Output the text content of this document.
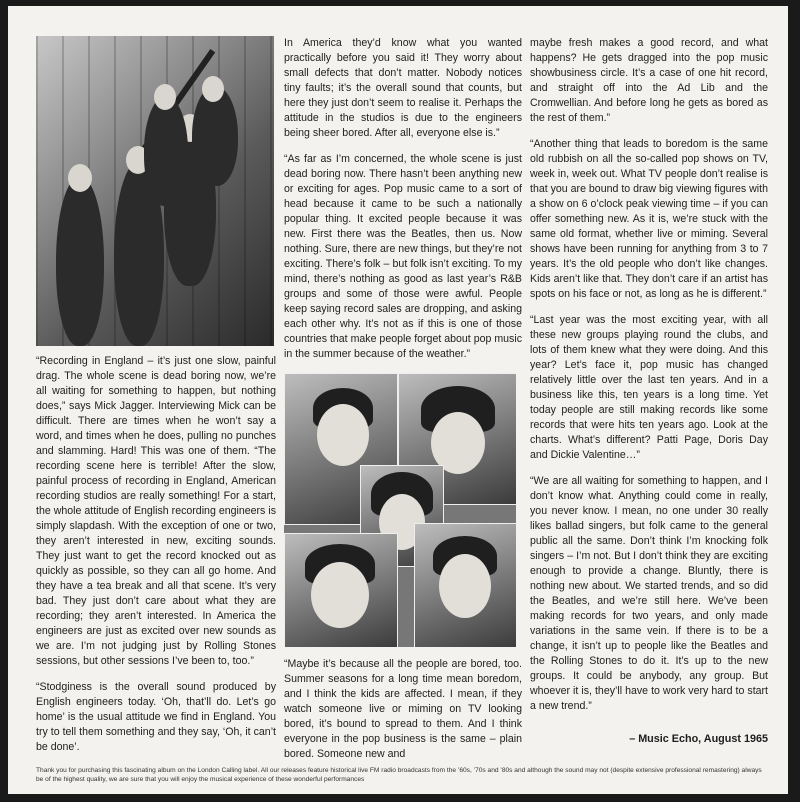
“Recording in England – it’s just one slow, painful drag. The whole scene is dead boring now, we’re all waiting for something to happen, but nothing does,” says Mick Jagger. Interviewing Mick can be difficult. There are times when he won’t say a word, and times when he does, pulling no punches and slamming. Hard! This was one of them. “The recording scene here is terrible! After the slow, painful process of recording in England, American recording studios are really something! For a start, the whole attitude of English recording engineers is simply slapdash. With the exception of one or two, they aren’t interested in new, exciting sounds. They just want to get the record knocked out as quickly as possible, so they can all go home. And they have a tea break and all that scene. It’s very bad. They just don’t care about what they are recording; they aren’t interested. In America the engineers are just as excited over new sounds as we are. I’m not judging just by Rolling Stones sessions, but other sessions I’ve been to, too.”

“Stodginess is the overall sound produced by English engineers today. ‘Oh, that’ll do. Let’s go home’ is the usual attitude we find in England. You try to tell them something and they say, ‘Oh, it can’t be done’.

In America they’d know what you wanted practically before you said it! They worry about small defects that don’t matter. Nobody notices tiny faults; it’s the overall sound that counts, but here they just don’t seem to realise it. Perhaps the attitude in the studios is due to the engineers being sheer bored. After all, everyone else is.”

“As far as I’m concerned, the whole scene is just dead boring now. There hasn’t been anything new or exciting for ages. Pop music came to a sort of head because it came to be such a nationally popular thing. It excited people because it was new. First there was the Beatles, then us. Now nothing. Sure, there are new things, but they’re not exciting. There’s folk – but folk isn’t exciting. To my mind, there’s nothing as good as last year’s R&B groups and some of those were awful. People keep saying record sales are dropping, and asking each other why. It’s not as if this is one of those countries that make people forget about pop music in the summer because of the weather.”

“Maybe it’s because all the people are bored, too. Summer seasons for a long time mean boredom, and I think the kids are affected. I mean, if they watch someone live or miming on TV looking bored, it’s bound to spread to them. And I think everyone in the pop business is the same – plain bored. Someone new and

maybe fresh makes a good record, and what happens? He gets dragged into the pop music showbusiness circle. It’s a case of one hit record, and straight off into the Ad Lib and the Cromwellian. And before long he gets as bored as the rest of them.”

“Another thing that leads to boredom is the same old rubbish on all the so-called pop shows on TV, week in, week out. What TV people don’t realise is that you are bound to draw big viewing figures with a show on 6 o’clock peak viewing time – if you can offer something new. As it is, we’re stuck with the same old format, whether live or miming. Several shows have been running for anything from 3 to 7 years. It’s the old people who don’t like changes. Kids aren’t like that. They don’t care if an artist has spots on his face or not, as long as he is different.”

“Last year was the most exciting year, with all these new groups playing round the clubs, and lots of them knew what they were doing. And this year? Let’s face it, pop music has changed relatively little over the last ten years. And in a business like this, ten years is a long time. Yet today people are still making records like some records that were hits ten years ago. Look at the charts. What’s different? Patti Page, Doris Day and Dickie Valentine…”

“We are all waiting for something to happen, and I don’t know what. Anything could come in really, you never know. I mean, no one under 30 really likes ballad singers, but folk came to the general public all the same. Don’t think I’m knocking folk singers – I’m not. But I don’t think they are exciting enough to provide a change. Bluntly, there is nothing new about. We started trends, and so did the Beatles, and we’re still here. We’ve been making records for two years, and only made variations in the same vein. If there is to be a change, it isn’t up to people like the Beatles and the Rolling Stones to do it. It’s up to the new groups. It could be anybody, any group. But whoever it is, they’ll have to work very hard to start a new trend.”

– Music Echo, August 1965
Thank you for purchasing this fascinating album on the London Calling label. All our releases feature historical live FM radio broadcasts from the ’60s, ’70s and ’80s and although the sound may not (despite extensive professional remastering) always be of the highest quality, we are sure that you will enjoy the musical experience of these wonderful performances
